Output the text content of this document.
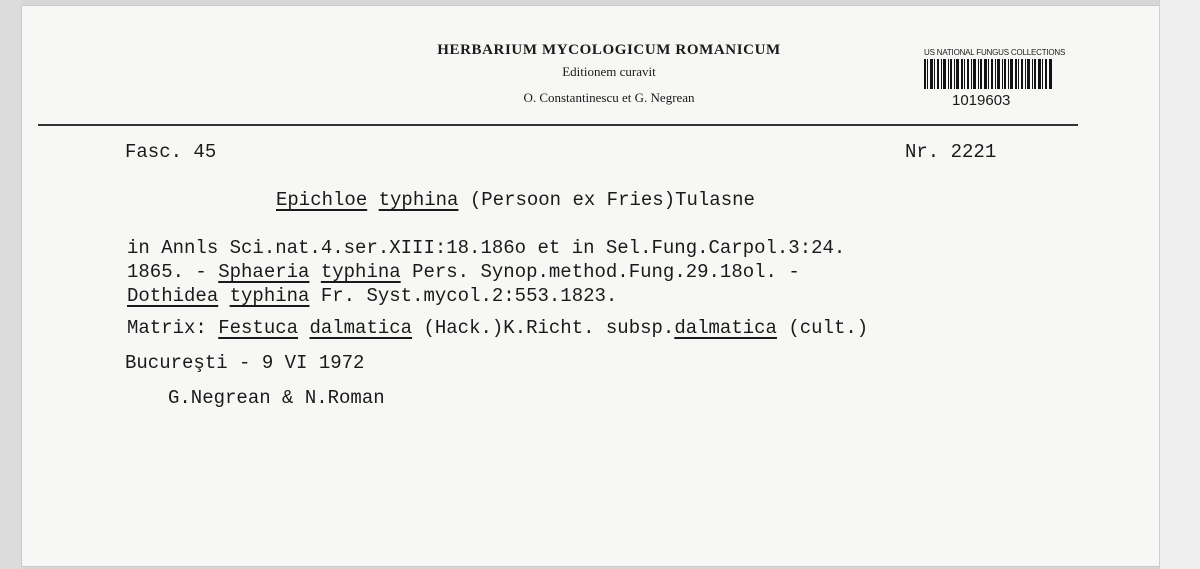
HERBARIUM MYCOLOGICUM ROMANICUM
Editionem curavit
O. Constantinescu et G. Negrean
US NATIONAL FUNGUS COLLECTIONS
1019603
Fasc. 45	Nr. 2221
Epichloe typhina (Persoon ex Fries)Tulasne
in Annls Sci.nat.4.ser.XIII:18.186o et in Sel.Fung.Carpol.3:24.
1865. - Sphaeria typhina Pers. Synop.method.Fung.29.18ol. -
Dothidea typhina Fr. Syst.mycol.2:553.1823.
Matrix: Festuca dalmatica (Hack.)K.Richt. subsp.dalmatica (cult.)
Bucureşti - 9 VI 1972
G.Negrean & N.Roman
